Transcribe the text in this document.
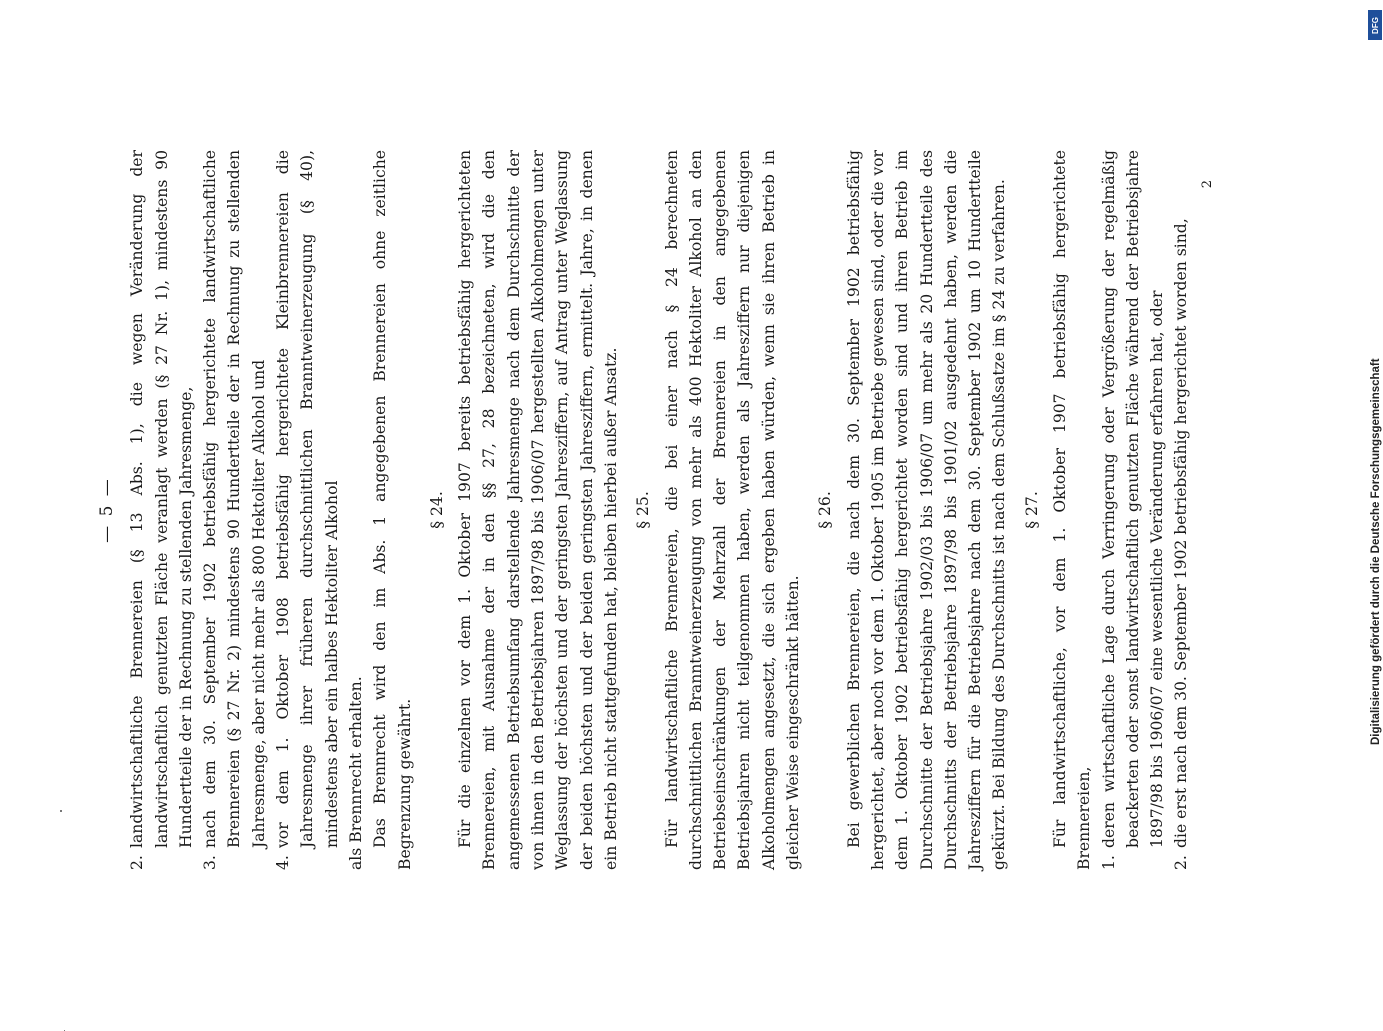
— 5 —
2.
landwirtschaftliche Brennereien (§ 13 Abs. 1), die wegen Veränderung der landwirtschaftlich genutzten Fläche veranlagt werden (§ 27 Nr. 1), mindestens 90 Hundertteile der in Rechnung zu stellenden Jahresmenge,
3.
nach dem 30. September 1902 betriebsfähig hergerichtete landwirtschaftliche Brennereien (§ 27 Nr. 2) mindestens 90 Hundertteile der in Rechnung zu stellenden Jahresmenge, aber nicht mehr als 800 Hektoliter Alkohol und
4.
vor dem 1. Oktober 1908 betriebsfähig hergerichtete Kleinbrennereien die Jahresmenge ihrer früheren durchschnittlichen Branntweinerzeugung (§ 40), mindestens aber ein halbes Hektoliter Alkohol als Brennrecht erhalten. Das Brennrecht wird den im Abs. 1 angegebenen Brennereien ohne zeitliche Begrenzung gewährt.

§ 24. Für die einzelnen vor dem 1. Oktober 1907 bereits betriebsfähig hergerichteten Brennereien, mit Ausnahme der in den §§ 27, 28 bezeichneten, wird die den angemessenen Betriebsumfang darstellende Jahresmenge nach dem Durchschnitte der von ihnen in den Betriebsjahren 1897/98 bis 1906/07 hergestellten Alkoholmengen unter Weglassung der höchsten und der geringsten Jahresziffern, auf Antrag unter Weglassung der beiden höchsten und der beiden geringsten Jahresziffern, ermittelt. Jahre, in denen ein Betrieb nicht stattgefunden hat, bleiben hierbei außer Ansatz. § 25. Für landwirtschaftliche Brennereien, die bei einer nach § 24 berechneten durchschnittlichen Branntweinerzeugung von mehr als 400 Hektoliter Alkohol an den Betriebseinschränkungen der Mehrzahl der Brennereien in den angegebenen Betriebsjahren nicht teilgenommen haben, werden als Jahresziffern nur diejenigen Alkoholmengen angesetzt, die sich ergeben haben würden, wenn sie ihren Betrieb in gleicher Weise eingeschränkt hätten.

§ 26. Bei gewerblichen Brennereien, die nach dem 30. September 1902 betriebsfähig hergerichtet, aber noch vor dem 1. Oktober 1905 im Betriebe gewesen sind, oder die vor dem 1. Oktober 1902 betriebsfähig hergerichtet worden sind und ihren Betrieb im Durchschnitte der Betriebsjahre 1902/03 bis 1906/07 um mehr als 20 Hundertteile des Durchschnitts der Betriebsjahre 1897/98 bis 1901/02 ausgedehnt haben, werden die Jahresziffern für die Betriebsjahre nach dem 30. September 1902 um 10 Hundertteile gekürzt. Bei Bildung des Durchschnitts ist nach dem Schlußsatze im § 24 zu verfahren. § 27. Für landwirtschaftliche, vor dem 1. Oktober 1907 betriebsfähig hergerichtete Brennereien, 1.
deren wirtschaftliche Lage durch Verringerung oder Vergrößerung der regelmäßig beackerten oder sonst landwirtschaftlich genutzten Fläche während der Betriebsjahre 1897/98 bis 1906/07 eine wesentliche Veränderung erfahren hat, oder
2.
die erst nach dem 30. September 1902 betriebsfähig hergerichtet worden sind,
2
Digitalisierung gefördert durch die Deutsche Forschungsgemeinschaft
DFG
